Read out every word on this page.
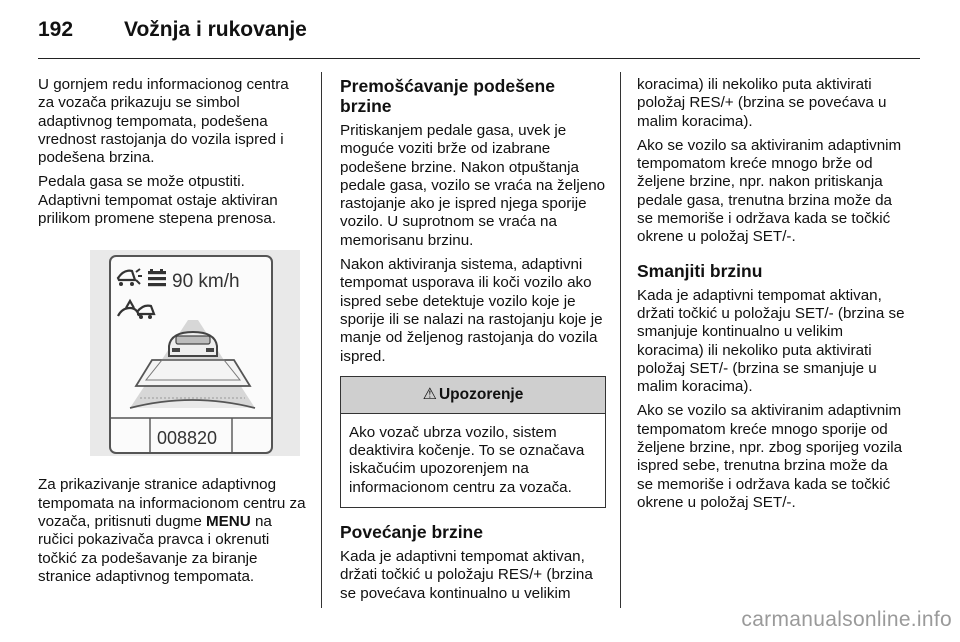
192	Vožnja i rukovanje

U gornjem redu informacionog centra za vozača prikazuju se simbol adaptivnog tempomata, podešena vrednost rastojanja do vozila ispred i podešena brzina.

Pedala gasa se može otpustiti. Adaptivni tempomat ostaje aktiviran prilikom promene stepena prenosa.

90 km/h
008820

Za prikazivanje stranice adaptivnog tempomata na informacionom centru za vozača, pritisnuti dugme MENU na ručici pokazivača pravca i okrenuti točkić za podešavanje za biranje stranice adaptivnog tempomata.

Premošćavanje podešene brzine

Pritiskanjem pedale gasa, uvek je moguće voziti brže od izabrane podešene brzine. Nakon otpuštanja pedale gasa, vozilo se vraća na željeno rastojanje ako je ispred njega sporije vozilo. U suprotnom se vraća na memorisanu brzinu.

Nakon aktiviranja sistema, adaptivni tempomat usporava ili koči vozilo ako ispred sebe detektuje vozilo koje je sporije ili se nalazi na rastojanju koje je manje od željenog rastojanja do vozila ispred.

⚠ Upozorenje
Ako vozač ubrza vozilo, sistem deaktivira kočenje. To se označava iskačućim upozorenjem na informacionom centru za vozača.

Povećanje brzine

Kada je adaptivni tempomat aktivan, držati točkić u položaju RES/+ (brzina se povećava kontinualno u velikim

koracima) ili nekoliko puta aktivirati položaj RES/+ (brzina se povećava u malim koracima).

Ako se vozilo sa aktiviranim adaptivnim tempomatom kreće mnogo brže od željene brzine, npr. nakon pritiskanja pedale gasa, trenutna brzina može da se memoriše i održava kada se točkić okrene u položaj SET/-.

Smanjiti brzinu

Kada je adaptivni tempomat aktivan, držati točkić u položaju SET/- (brzina se smanjuje kontinualno u velikim koracima) ili nekoliko puta aktivirati položaj SET/- (brzina se smanjuje u malim koracima).

Ako se vozilo sa aktiviranim adaptivnim tempomatom kreće mnogo sporije od željene brzine, npr. zbog sporijeg vozila ispred sebe, trenutna brzina može da se memoriše i održava kada se točkić okrene u položaj SET/-.

carmanualsonline.info
